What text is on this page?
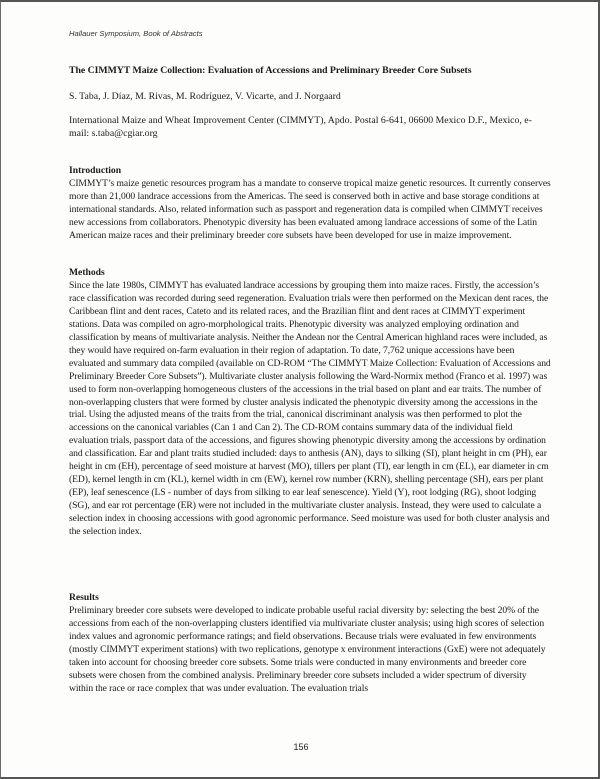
Hallauer Symposium, Book of Abstracts
The CIMMYT Maize Collection: Evaluation of Accessions and Preliminary Breeder Core Subsets
S. Taba, J. Díaz, M. Rivas, M. Rodríguez, V. Vicarte, and J. Norgaard
International Maize and Wheat Improvement Center (CIMMYT), Apdo. Postal 6-641, 06600 Mexico D.F., Mexico, e-mail: s.taba@cgiar.org
Introduction

CIMMYT’s maize genetic resources program has a mandate to conserve tropical maize genetic resources. It currently conserves more than 21,000 landrace accessions from the Americas. The seed is conserved both in active and base storage conditions at international standards. Also, related information such as passport and regeneration data is compiled when CIMMYT receives new accessions from collaborators. Phenotypic diversity has been evaluated among landrace accessions of some of the Latin American maize races and their preliminary breeder core subsets have been developed for use in maize improvement.

Methods

Since the late 1980s, CIMMYT has evaluated landrace accessions by grouping them into maize races. Firstly, the accession’s race classification was recorded during seed regeneration. Evaluation trials were then performed on the Mexican dent races, the Caribbean flint and dent races, Cateto and its related races, and the Brazilian flint and dent races at CIMMYT experiment stations. Data was compiled on agro-morphological traits. Phenotypic diversity was analyzed employing ordination and classification by means of multivariate analysis. Neither the Andean nor the Central American highland races were included, as they would have required on-farm evaluation in their region of adaptation. To date, 7,762 unique accessions have been evaluated and summary data compiled (available on CD-ROM “The CIMMYT Maize Collection: Evaluation of Accessions and Preliminary Breeder Core Subsets”). Multivariate cluster analysis following the Ward-Normix method (Franco et al. 1997) was used to form non-overlapping homogeneous clusters of the accessions in the trial based on plant and ear traits. The number of non-overlapping clusters that were formed by cluster analysis indicated the phenotypic diversity among the accessions in the trial. Using the adjusted means of the traits from the trial, canonical discriminant analysis was then performed to plot the accessions on the canonical variables (Can 1 and Can 2). The CD-ROM contains summary data of the individual field evaluation trials, passport data of the accessions, and figures showing phenotypic diversity among the accessions by ordination and classification. Ear and plant traits studied included: days to anthesis (AN), days to silking (SI), plant height in cm (PH), ear height in cm (EH), percentage of seed moisture at harvest (MO), tillers per plant (TI), ear length in cm (EL), ear diameter in cm (ED), kernel length in cm (KL), kernel width in cm (EW), kernel row number (KRN), shelling percentage (SH), ears per plant (EP), leaf senescence (LS - number of days from silking to ear leaf senescence). Yield (Y), root lodging (RG), shoot lodging (SG), and ear rot percentage (ER) were not included in the multivariate cluster analysis. Instead, they were used to calculate a selection index in choosing accessions with good agronomic performance. Seed moisture was used for both cluster analysis and the selection index.

Results

Preliminary breeder core subsets were developed to indicate probable useful racial diversity by: selecting the best 20% of the accessions from each of the non-overlapping clusters identified via multivariate cluster analysis; using high scores of selection index values and agronomic performance ratings; and field observations. Because trials were evaluated in few environments (mostly CIMMYT experiment stations) with two replications, genotype x environment interactions (GxE) were not adequately taken into account for choosing breeder core subsets. Some trials were conducted in many environments and breeder core subsets were chosen from the combined analysis. Preliminary breeder core subsets included a wider spectrum of diversity within the race or race complex that was under evaluation. The evaluation trials

156
